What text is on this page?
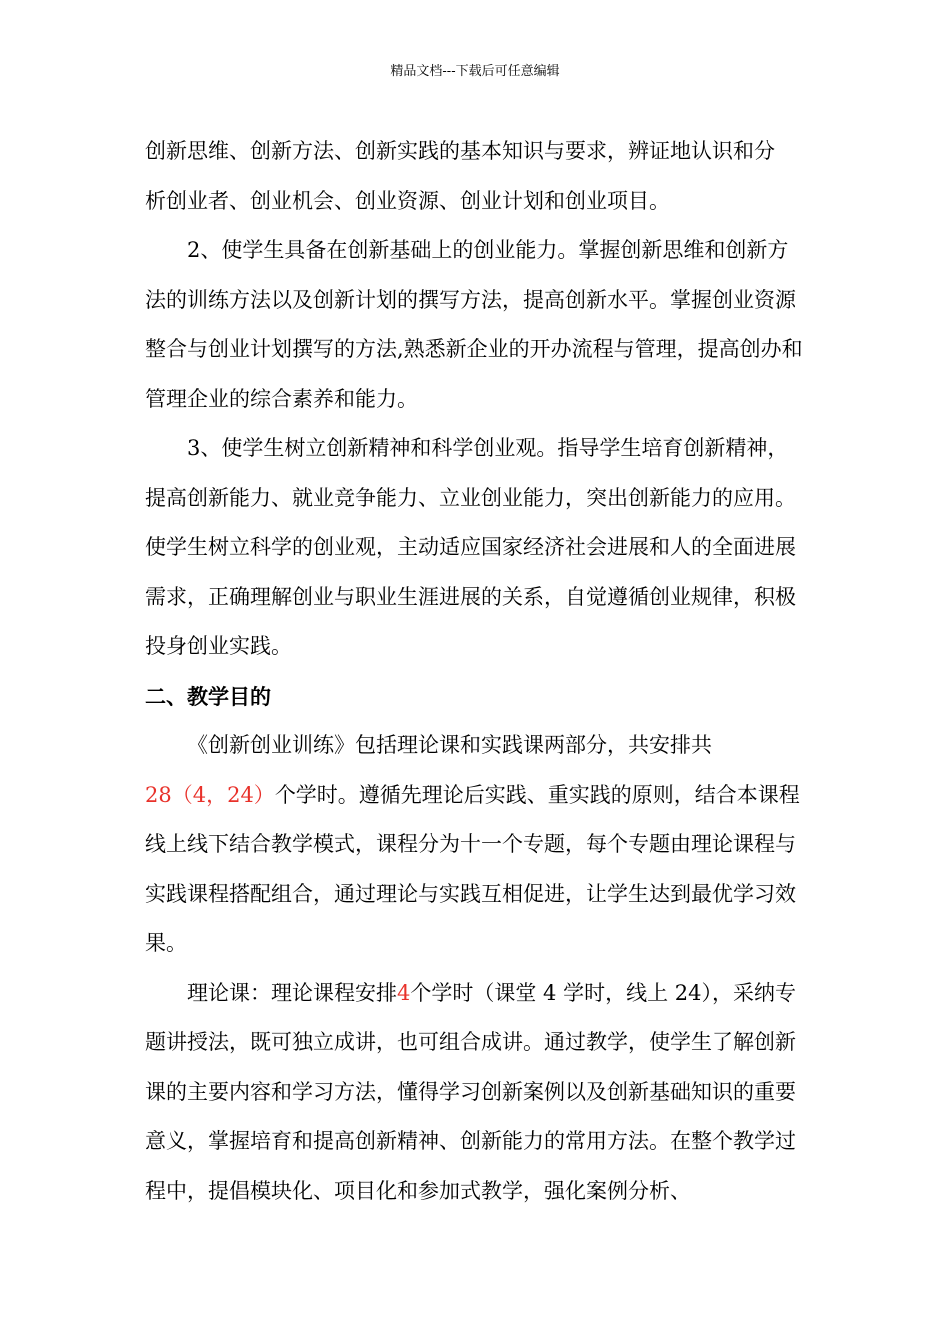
精品文档---下载后可任意编辑

创新思维、创新方法、创新实践的基本知识与要求，辨证地认识和分

析创业者、创业机会、创业资源、创业计划和创业项目。

2、使学生具备在创新基础上的创业能力。掌握创新思维和创新方法的训练方法以及创新计划的撰写方法，提高创新水平。掌握创业资源整合与创业计划撰写的方法,熟悉新企业的开办流程与管理，提高创办和管理企业的综合素养和能力。

3、使学生树立创新精神和科学创业观。指导学生培育创新精神，提高创新能力、就业竞争能力、立业创业能力，突出创新能力的应用。使学生树立科学的创业观，主动适应国家经济社会进展和人的全面进展需求，正确理解创业与职业生涯进展的关系，自觉遵循创业规律，积极投身创业实践。

二、教学目的

《创新创业训练》包括理论课和实践课两部分，共安排共

28（4，24）个学时。遵循先理论后实践、重实践的原则，结合本课程线上线下结合教学模式，课程分为十一个专题，每个专题由理论课程与实践课程搭配组合，通过理论与实践互相促进，让学生达到最优学习效果。

理论课：理论课程安排4个学时（课堂 4 学时，线上 24），采纳专题讲授法，既可独立成讲，也可组合成讲。通过教学，使学生了解创新课的主要内容和学习方法，懂得学习创新案例以及创新基础知识的重要意义，掌握培育和提高创新精神、创新能力的常用方法。在整个教学过程中，提倡模块化、项目化和参加式教学，强化案例分析、
